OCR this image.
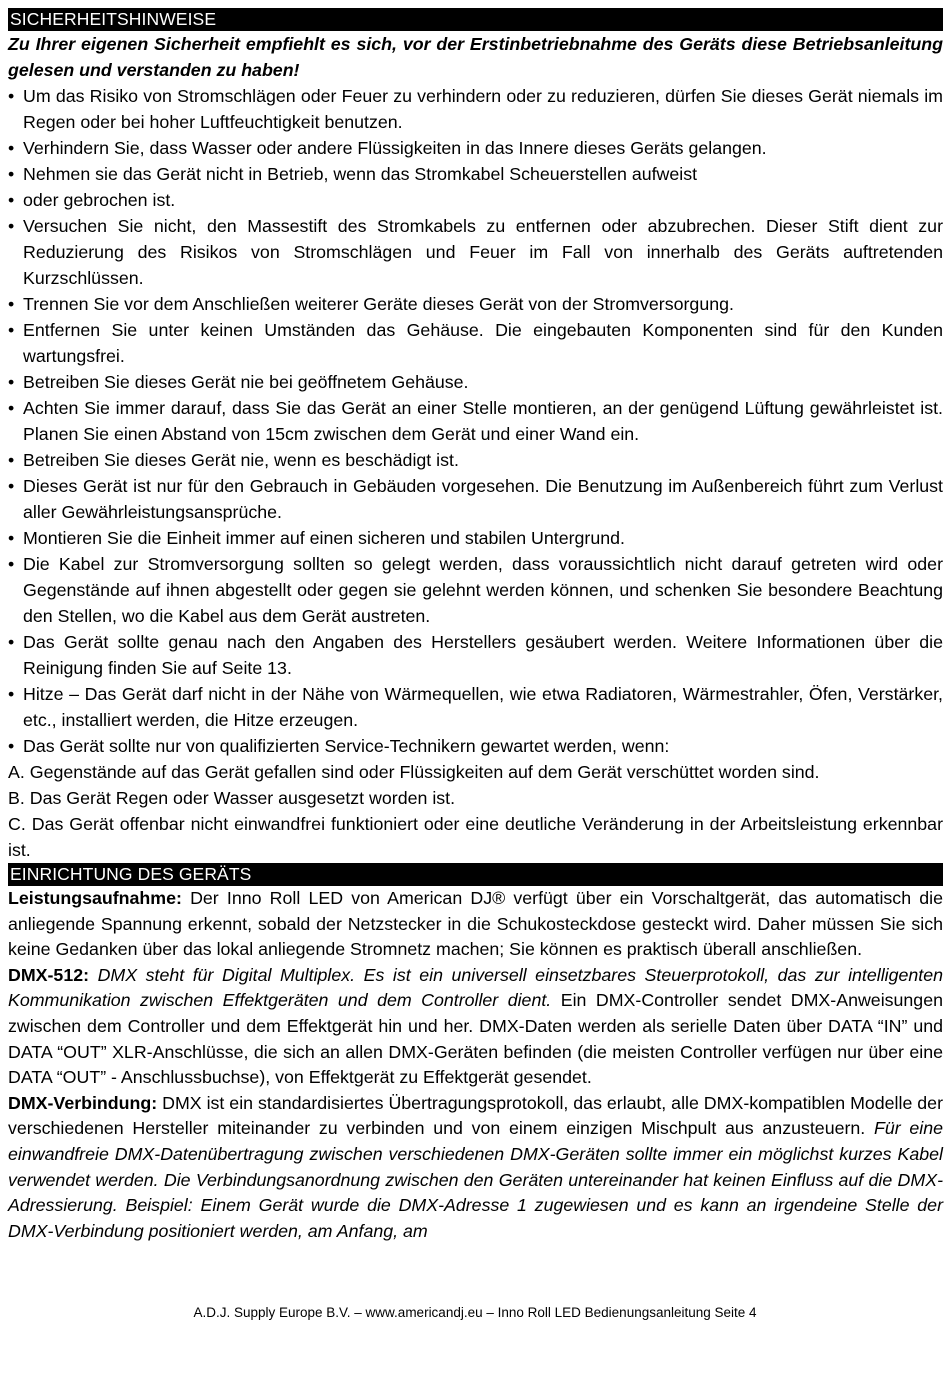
SICHERHEITSHINWEISE
Zu Ihrer eigenen Sicherheit empfiehlt es sich, vor der Erstinbetriebnahme des Geräts diese Betriebsanleitung gelesen und verstanden zu haben!
• Um das Risiko von Stromschlägen oder Feuer zu verhindern oder zu reduzieren, dürfen Sie dieses Gerät niemals im Regen oder bei hoher Luftfeuchtigkeit benutzen.
• Verhindern Sie, dass Wasser oder andere Flüssigkeiten in das Innere dieses Geräts gelangen.
• Nehmen sie das Gerät nicht in Betrieb, wenn das Stromkabel Scheuerstellen aufweist
• oder gebrochen ist.
• Versuchen Sie nicht, den Massestift des Stromkabels zu entfernen oder abzubrechen. Dieser Stift dient zur Reduzierung des Risikos von Stromschlägen und Feuer im Fall von innerhalb des Geräts auftretenden Kurzschlüssen.
• Trennen Sie vor dem Anschließen weiterer Geräte dieses Gerät von der Stromversorgung.
• Entfernen Sie unter keinen Umständen das Gehäuse. Die eingebauten Komponenten sind für den Kunden wartungsfrei.
• Betreiben Sie dieses Gerät nie bei geöffnetem Gehäuse.
• Achten Sie immer darauf, dass Sie das Gerät an einer Stelle montieren, an der genügend Lüftung gewährleistet ist. Planen Sie einen Abstand von 15cm zwischen dem Gerät und einer Wand ein.
• Betreiben Sie dieses Gerät nie, wenn es beschädigt ist.
• Dieses Gerät ist nur für den Gebrauch in Gebäuden vorgesehen. Die Benutzung im Außenbereich führt zum Verlust aller Gewährleistungsansprüche.
• Montieren Sie die Einheit immer auf einen sicheren und stabilen Untergrund.
• Die Kabel zur Stromversorgung sollten so gelegt werden, dass voraussichtlich nicht darauf getreten wird oder Gegenstände auf ihnen abgestellt oder gegen sie gelehnt werden können, und schenken Sie besondere Beachtung den Stellen, wo die Kabel aus dem Gerät austreten.
• Das Gerät sollte genau nach den Angaben des Herstellers gesäubert werden. Weitere Informationen über die Reinigung finden Sie auf Seite 13.
• Hitze – Das Gerät darf nicht in der Nähe von Wärmequellen, wie etwa Radiatoren, Wärmestrahler, Öfen, Verstärker, etc., installiert werden, die Hitze erzeugen.
• Das Gerät sollte nur von qualifizierten Service-Technikern gewartet werden, wenn:

A. Gegenstände auf das Gerät gefallen sind oder Flüssigkeiten auf dem Gerät verschüttet worden sind.

B. Das Gerät Regen oder Wasser ausgesetzt worden ist.

C. Das Gerät offenbar nicht einwandfrei funktioniert oder eine deutliche Veränderung in der Arbeitsleistung erkennbar ist.

EINRICHTUNG DES GERÄTS

Leistungsaufnahme: Der Inno Roll LED von American DJ® verfügt über ein Vorschaltgerät, das automatisch die anliegende Spannung erkennt, sobald der Netzstecker in die Schukosteckdose gesteckt wird. Daher müssen Sie sich keine Gedanken über das lokal anliegende Stromnetz machen; Sie können es praktisch überall anschließen.

DMX-512: DMX steht für Digital Multiplex. Es ist ein universell einsetzbares Steuerprotokoll, das zur intelligenten Kommunikation zwischen Effektgeräten und dem Controller dient. Ein DMX-Controller sendet DMX-Anweisungen zwischen dem Controller und dem Effektgerät hin und her. DMX-Daten werden als serielle Daten über DATA “IN” und DATA “OUT” XLR-Anschlüsse, die sich an allen DMX-Geräten befinden (die meisten Controller verfügen nur über eine DATA “OUT” - Anschlussbuchse), von Effektgerät zu Effektgerät gesendet.

DMX-Verbindung: DMX ist ein standardisiertes Übertragungsprotokoll, das erlaubt, alle DMX-kompatiblen Modelle der verschiedenen Hersteller miteinander zu verbinden und von einem einzigen Mischpult aus anzusteuern. Für eine einwandfreie DMX-Datenübertragung zwischen verschiedenen DMX-Geräten sollte immer ein möglichst kurzes Kabel verwendet werden. Die Verbindungsanordnung zwischen den Geräten untereinander hat keinen Einfluss auf die DMX-Adressierung. Beispiel: Einem Gerät wurde die DMX-Adresse 1 zugewiesen und es kann an irgendeine Stelle der DMX-Verbindung positioniert werden, am Anfang, am

A.D.J. Supply Europe B.V. – www.americandj.eu – Inno Roll LED Bedienungsanleitung Seite 4
